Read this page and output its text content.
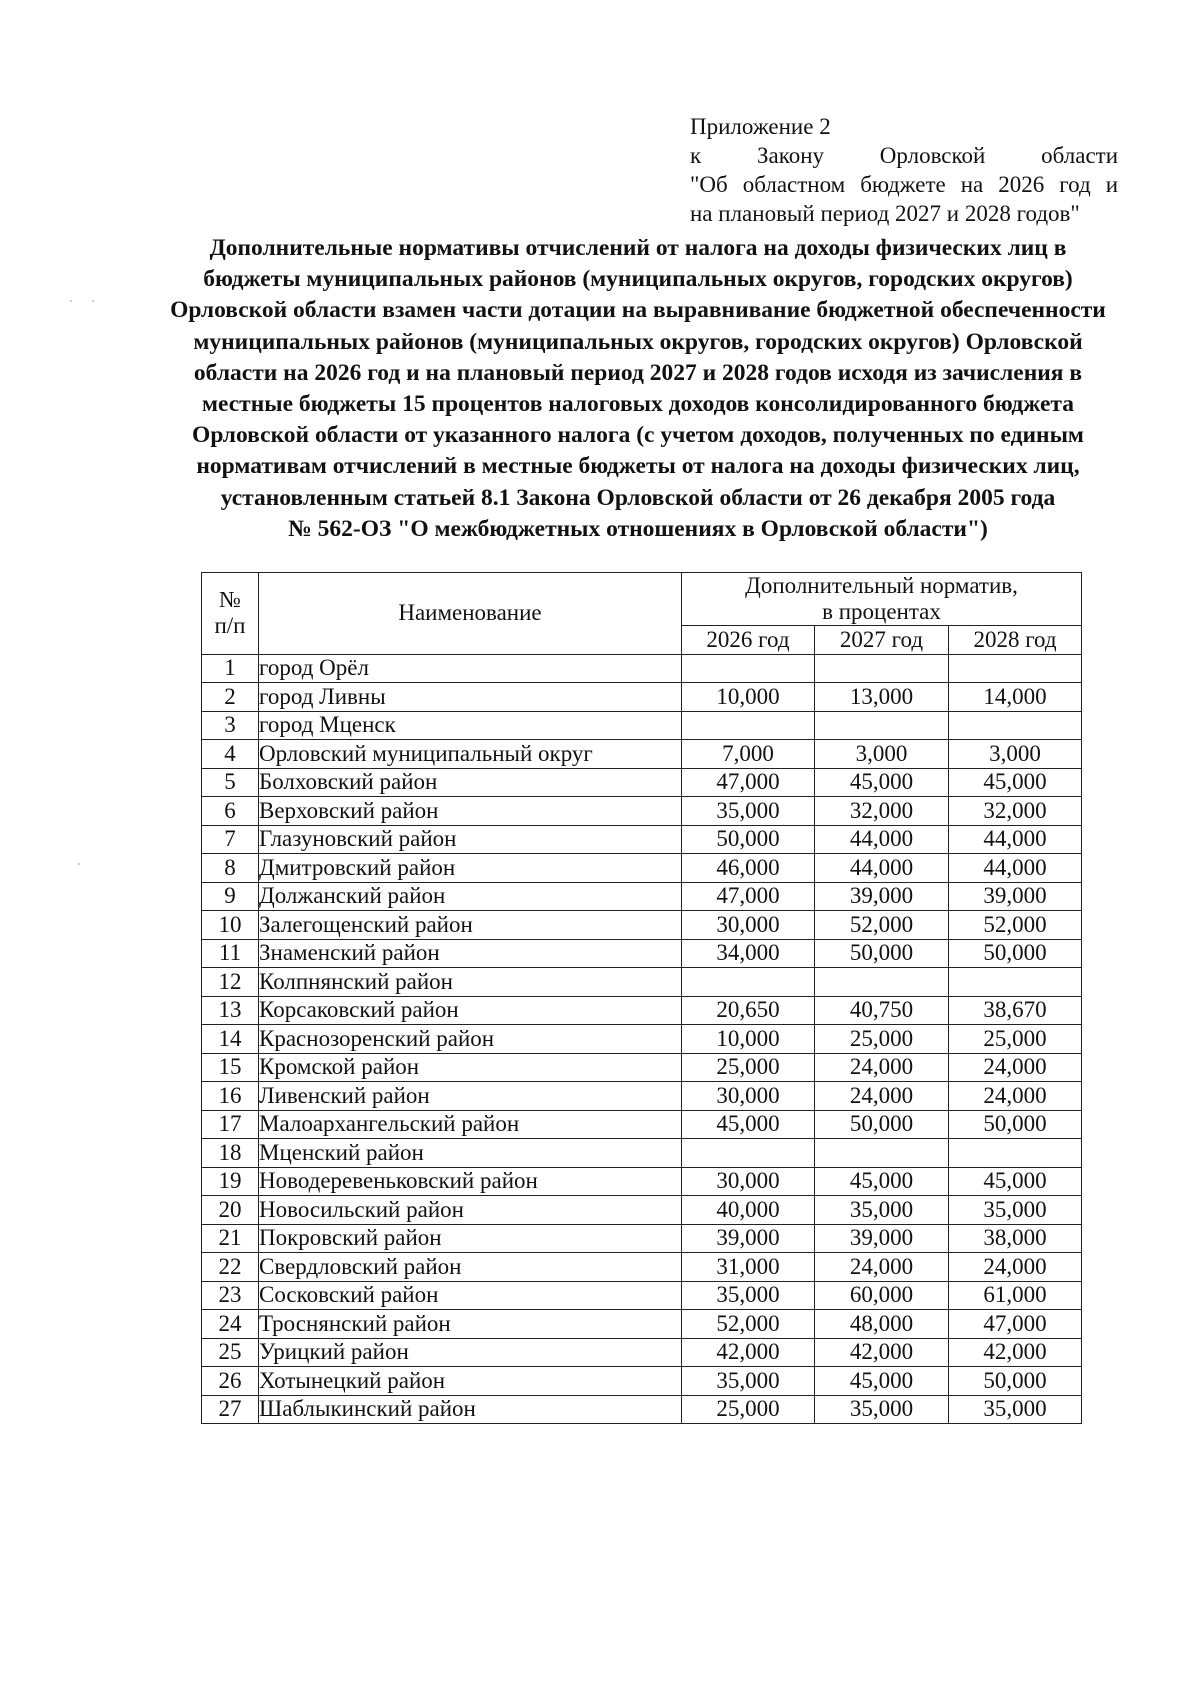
Приложение 2
к Закону Орловской области
"Об областном бюджете на 2026 год и
на плановый период 2027 и 2028 годов"
Дополнительные нормативы отчислений от налога на доходы физических лиц в
бюджеты муниципальных районов (муниципальных округов, городских округов)
Орловской области взамен части дотации на выравнивание бюджетной обеспеченности
муниципальных районов (муниципальных округов, городских округов) Орловской
области на 2026 год и на плановый период 2027 и 2028 годов исходя из зачисления в
местные бюджеты 15 процентов налоговых доходов консолидированного бюджета
Орловской области от указанного налога (с учетом доходов, полученных по единым
нормативам отчислений в местные бюджеты от налога на доходы физических лиц,
установленным статьей 8.1 Закона Орловской области от 26 декабря 2005 года
№ 562-ОЗ "О межбюджетных отношениях в Орловской области")
№
п/п	Наименование	Дополнительный норматив,
в процентах		
		2026 год	2027 год	2028 год
1	город Орёл			
2	город Ливны	10,000	13,000	14,000
3	город Мценск			
4	Орловский муниципальный округ	7,000	3,000	3,000
5	Болховский район	47,000	45,000	45,000
6	Верховский район	35,000	32,000	32,000
7	Глазуновский район	50,000	44,000	44,000
8	Дмитровский район	46,000	44,000	44,000
9	Должанский район	47,000	39,000	39,000
10	Залегощенский район	30,000	52,000	52,000
11	Знаменский район	34,000	50,000	50,000
12	Колпнянский район			
13	Корсаковский район	20,650	40,750	38,670
14	Краснозоренский район	10,000	25,000	25,000
15	Кромской район	25,000	24,000	24,000
16	Ливенский район	30,000	24,000	24,000
17	Малоархангельский район	45,000	50,000	50,000
18	Мценский район			
19	Новодеревеньковский район	30,000	45,000	45,000
20	Новосильский район	40,000	35,000	35,000
21	Покровский район	39,000	39,000	38,000
22	Свердловский район	31,000	24,000	24,000
23	Сосковский район	35,000	60,000	61,000
24	Троснянский район	52,000	48,000	47,000
25	Урицкий район	42,000	42,000	42,000
26	Хотынецкий район	35,000	45,000	50,000
27	Шаблыкинский район	25,000	35,000	35,000
